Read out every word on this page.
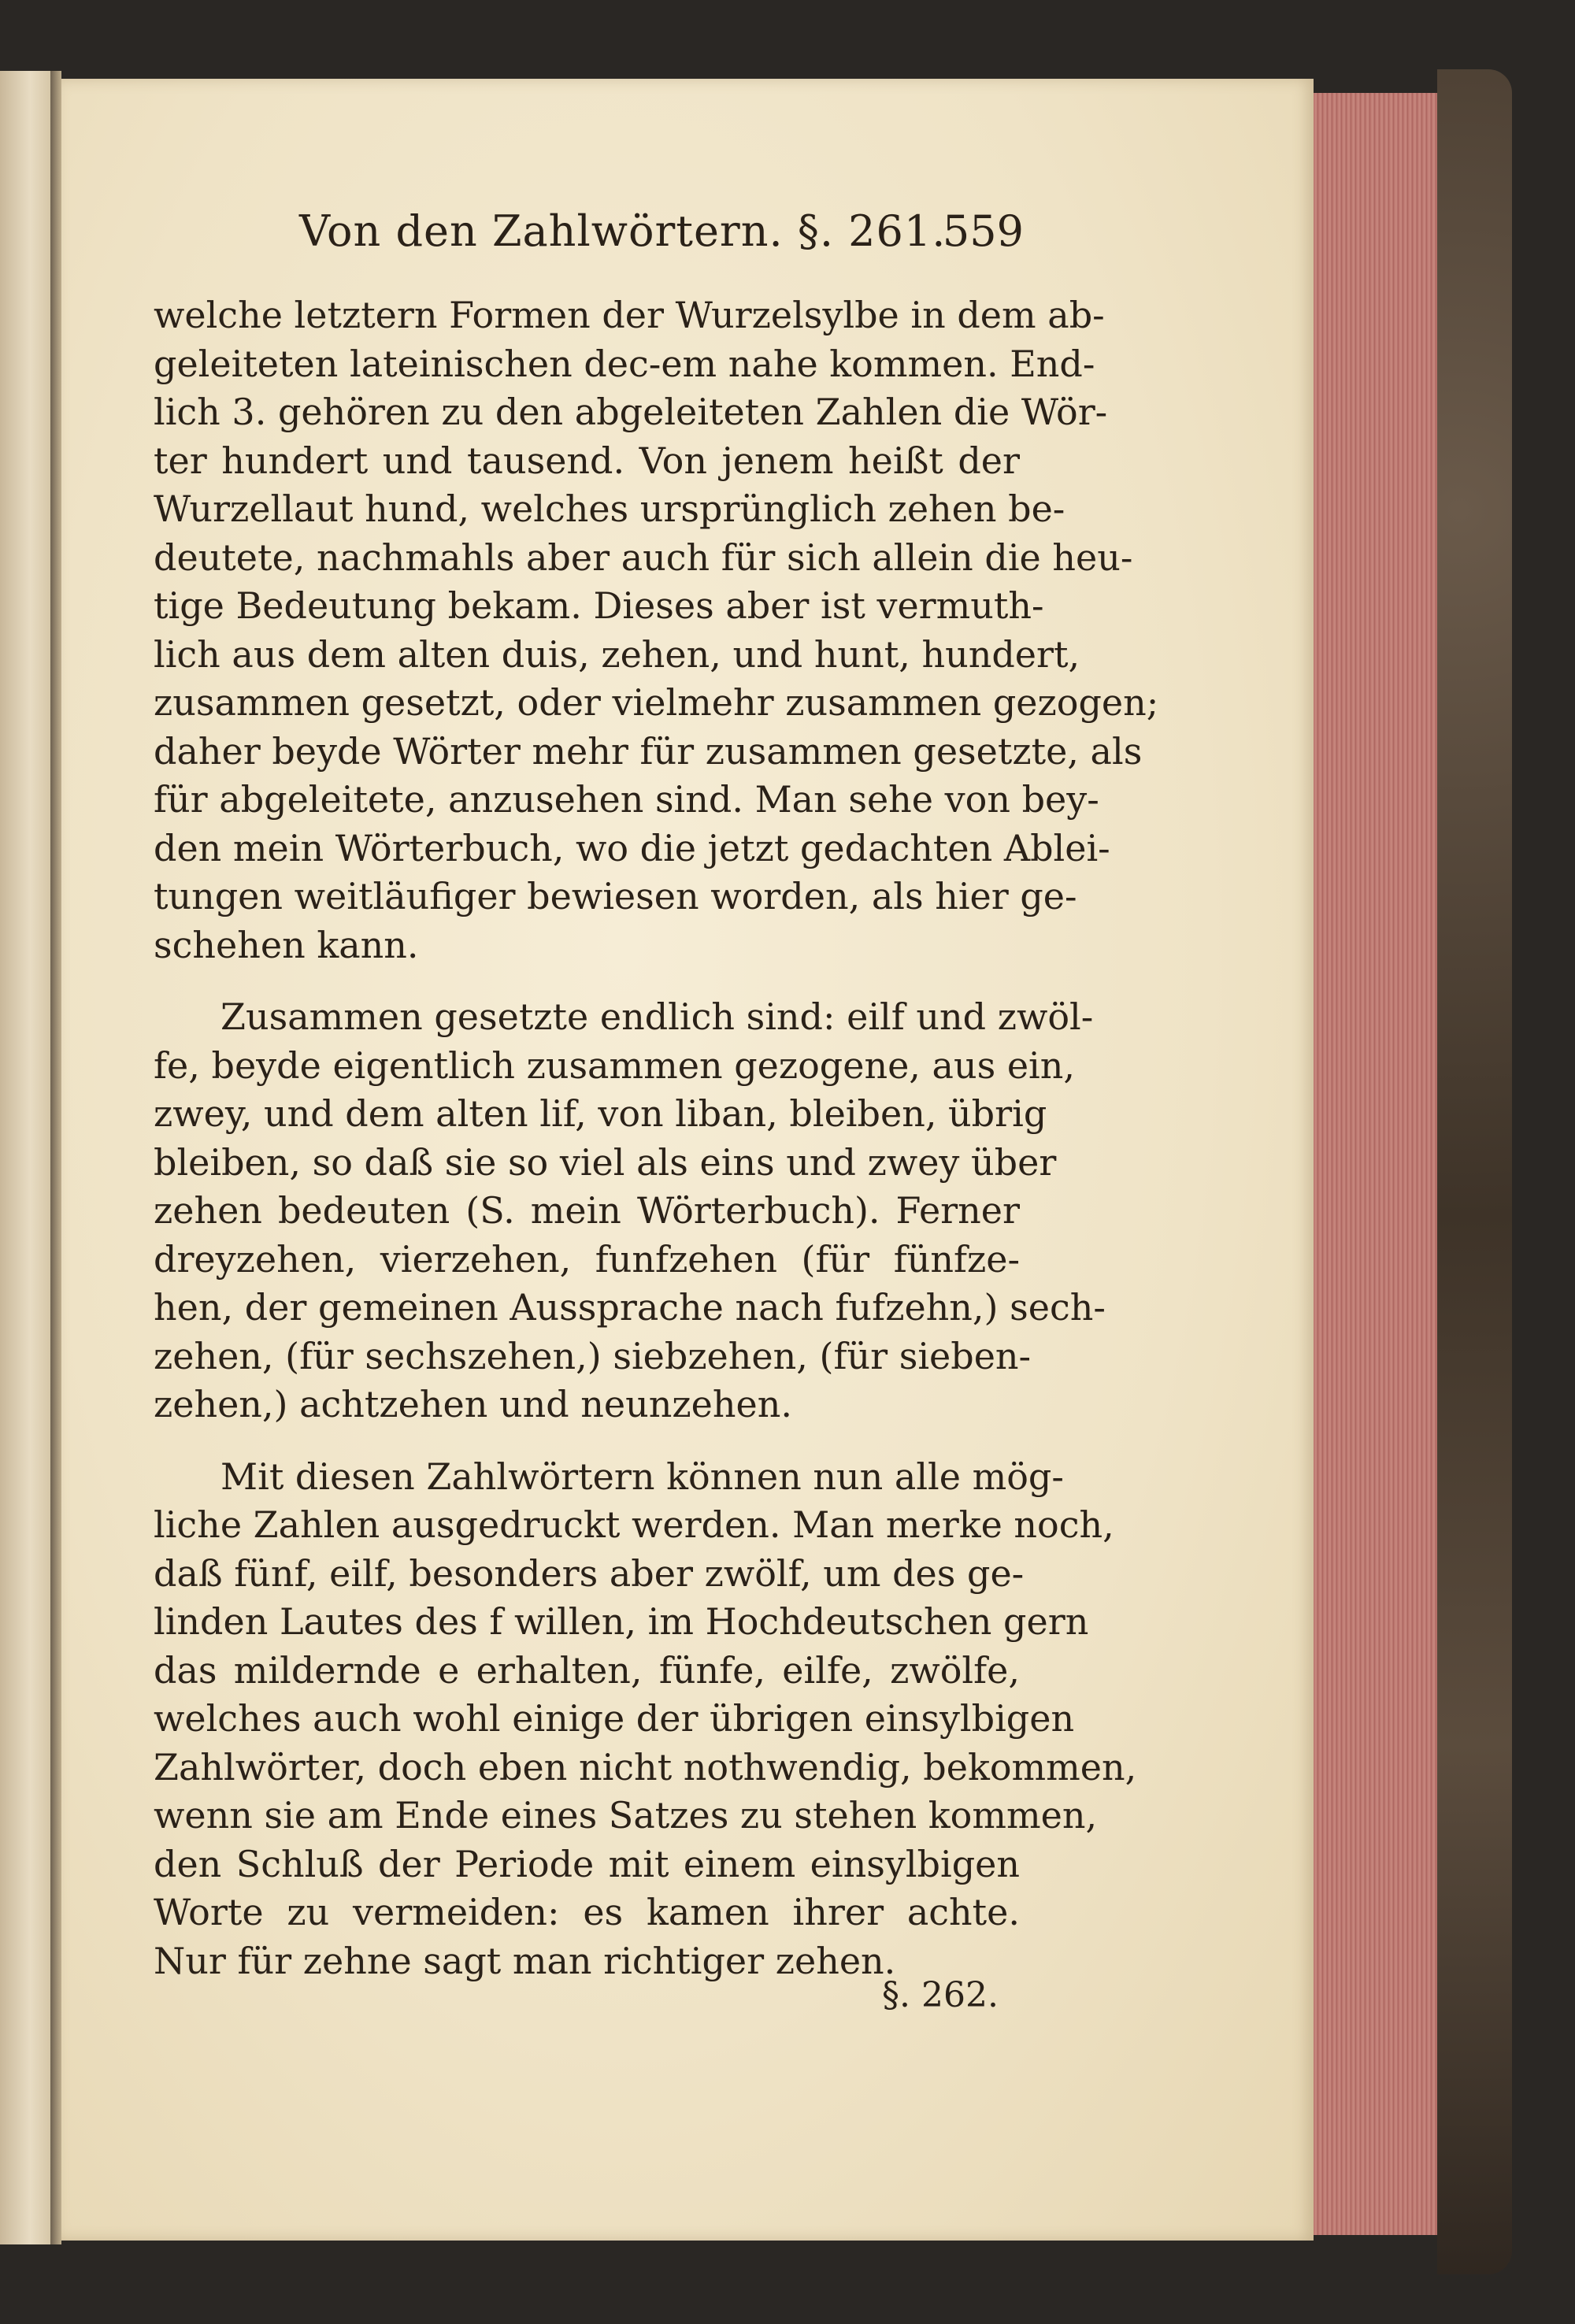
Von den Zahlwörtern. §. 261.
559
welche letztern Formen der Wurzelsylbe in dem ab-
geleiteten lateinischen dec-em nahe kommen. End-
lich 3. gehören zu den abgeleiteten Zahlen die Wör-
ter hundert und tausend. Von jenem heißt der
Wurzellaut hund, welches ursprünglich zehen be-
deutete, nachmahls aber auch für sich allein die heu-
tige Bedeutung bekam. Dieses aber ist vermuth-
lich aus dem alten duis, zehen, und hunt, hundert,
zusammen gesetzt, oder vielmehr zusammen gezogen;
daher beyde Wörter mehr für zusammen gesetzte, als
für abgeleitete, anzusehen sind. Man sehe von bey-
den mein Wörterbuch, wo die jetzt gedachten Ablei-
tungen weitläufiger bewiesen worden, als hier ge-
schehen kann.
Zusammen gesetzte endlich sind: eilf und zwöl-
fe, beyde eigentlich zusammen gezogene, aus ein,
zwey, und dem alten lif, von liban, bleiben, übrig
bleiben, so daß sie so viel als eins und zwey über
zehen bedeuten (S. mein Wörterbuch). Ferner
dreyzehen, vierzehen, funfzehen (für fünfze-
hen, der gemeinen Aussprache nach fufzehn,) sech-
zehen, (für sechszehen,) siebzehen, (für sieben-
zehen,) achtzehen und neunzehen.
Mit diesen Zahlwörtern können nun alle mög-
liche Zahlen ausgedruckt werden. Man merke noch,
daß fünf, eilf, besonders aber zwölf, um des ge-
linden Lautes des f willen, im Hochdeutschen gern
das mildernde e erhalten, fünfe, eilfe, zwölfe,
welches auch wohl einige der übrigen einsylbigen
Zahlwörter, doch eben nicht nothwendig, bekommen,
wenn sie am Ende eines Satzes zu stehen kommen,
den Schluß der Periode mit einem einsylbigen
Worte zu vermeiden: es kamen ihrer achte.
Nur für zehne sagt man richtiger zehen.
§. 262.
